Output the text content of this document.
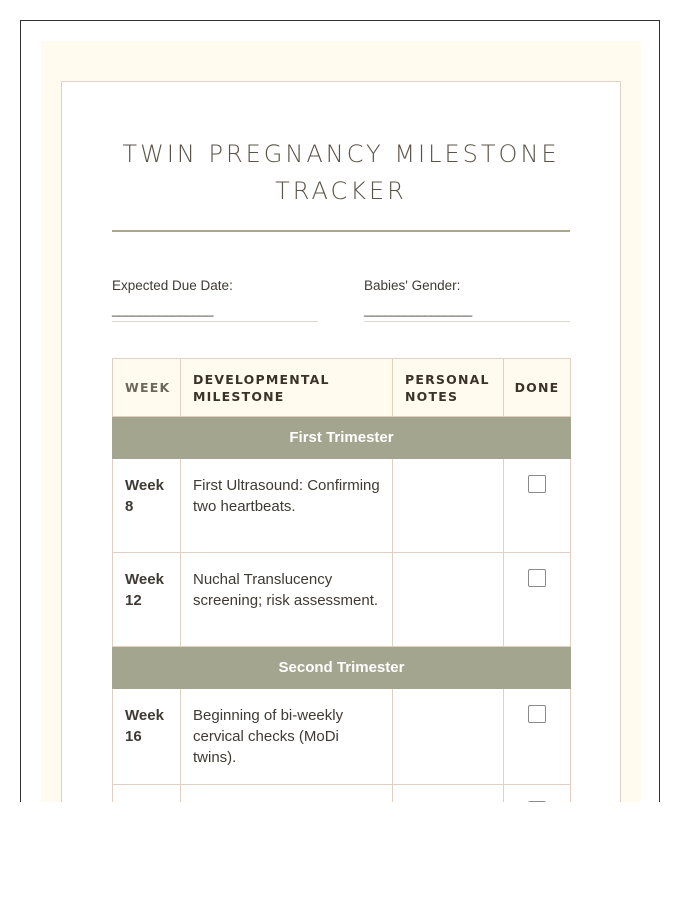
TWIN PREGNANCY MILESTONE TRACKER
Expected Due Date:
_______________
Babies' Gender:
________________
WEEK	DEVELOPMENTAL MILESTONE	PERSONAL NOTES	DONE
First Trimester			
Week 8	First Ultrasound: Confirming two heartbeats.		
Week 12	Nuchal Translucency screening; risk assessment.		
Second Trimester			
Week 16	Beginning of bi-weekly cervical checks (MoDi twins).		
